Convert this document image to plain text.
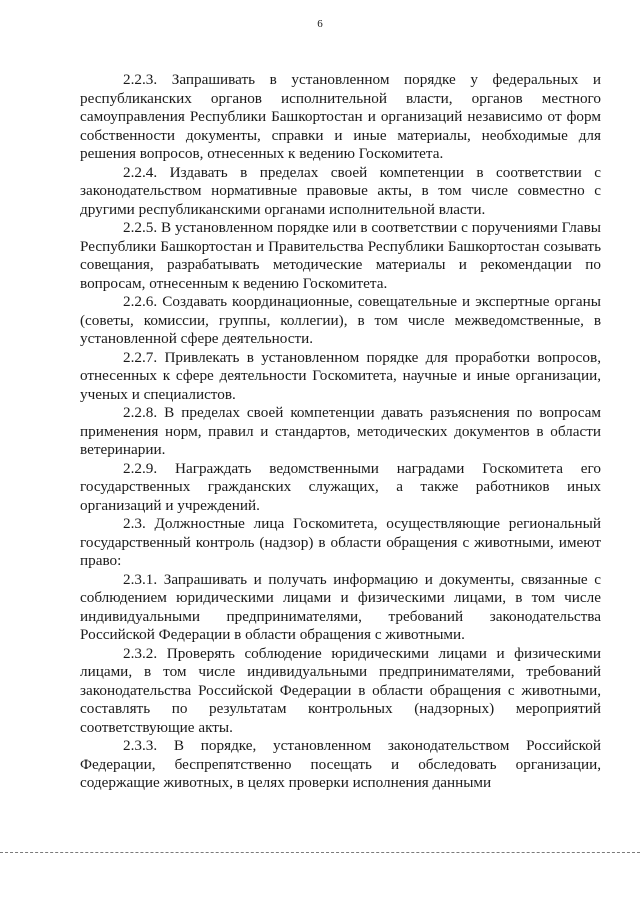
6

2.2.3. Запрашивать в установленном порядке у федеральных и республиканских органов исполнительной власти, органов местного самоуправления Республики Башкортостан и организаций независимо от форм собственности документы, справки и иные материалы, необходимые для решения вопросов, отнесенных к ведению Госкомитета.

2.2.4. Издавать в пределах своей компетенции в соответствии с законодательством нормативные правовые акты, в том числе совместно с другими республиканскими органами исполнительной власти.

2.2.5. В установленном порядке или в соответствии с поручениями Главы Республики Башкортостан и Правительства Республики Башкортостан созывать совещания, разрабатывать методические материалы и рекомендации по вопросам, отнесенным к ведению Госкомитета.

2.2.6. Создавать координационные, совещательные и экспертные органы (советы, комиссии, группы, коллегии), в том числе межведомственные, в установленной сфере деятельности.

2.2.7. Привлекать в установленном порядке для проработки вопросов, отнесенных к сфере деятельности Госкомитета, научные и иные организации, ученых и специалистов.

2.2.8. В пределах своей компетенции давать разъяснения по вопросам применения норм, правил и стандартов, методических документов в области ветеринарии.

2.2.9. Награждать ведомственными наградами Госкомитета его государственных гражданских служащих, а также работников иных организаций и учреждений.

2.3. Должностные лица Госкомитета, осуществляющие региональный государственный контроль (надзор) в области обращения с животными, имеют право:

2.3.1. Запрашивать и получать информацию и документы, связанные с соблюдением юридическими лицами и физическими лицами, в том числе индивидуальными предпринимателями, требований законодательства Российской Федерации в области обращения с животными.

2.3.2. Проверять соблюдение юридическими лицами и физическими лицами, в том числе индивидуальными предпринимателями, требований законодательства Российской Федерации в области обращения с животными, составлять по результатам контрольных (надзорных) мероприятий соответствующие акты.

2.3.3. В порядке, установленном законодательством Российской Федерации, беспрепятственно посещать и обследовать организации, содержащие животных, в целях проверки исполнения данными
